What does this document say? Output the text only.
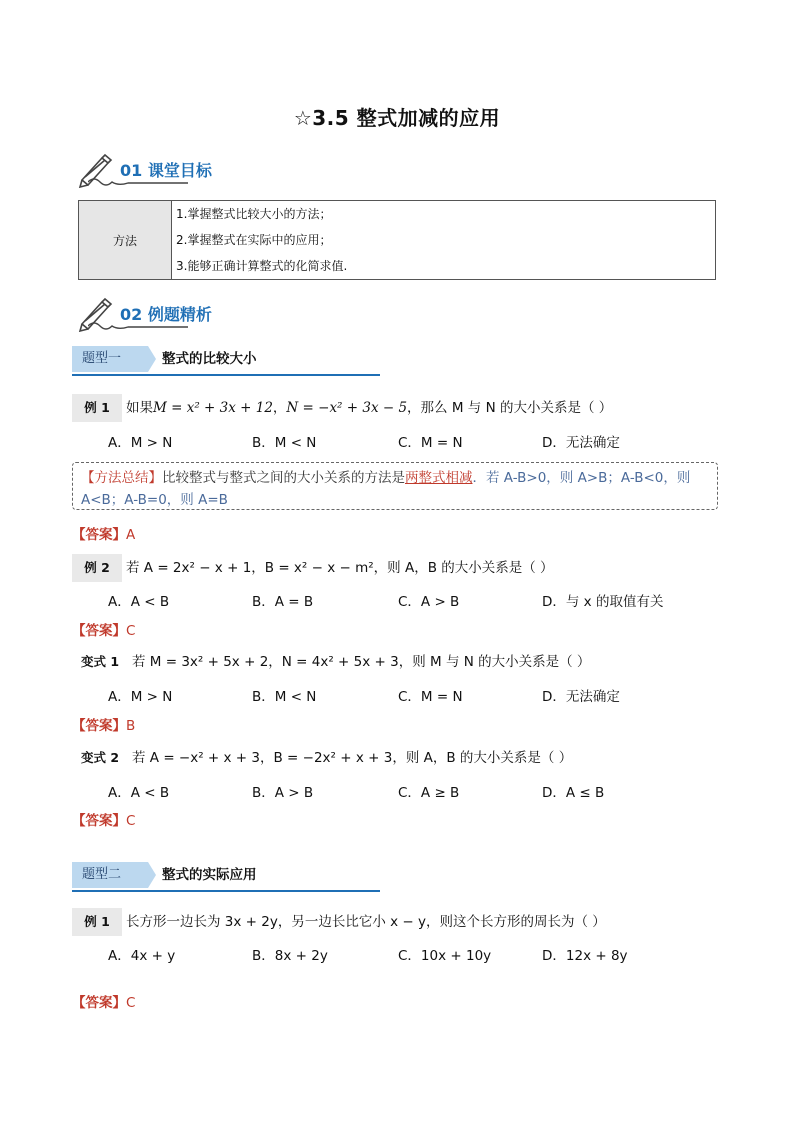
☆3.5 整式加减的应用
01 课堂目标
方法	
1.掌握整式比较大小的方法；
2.掌握整式在实际中的应用；
3.能够正确计算整式的化简求值.
02 例题精析
题型一	整式的比较大小
例 1 如果M = x² + 3x + 12，N = −x² + 3x − 5，那么 M 与 N 的大小关系是（ ）
A．M > N	B．M < N	C．M = N	D．无法确定
【方法总结】比较整式与整式之间的大小关系的方法是两整式相减．若 A-B>0，则 A>B；A-B<0，则 A<B；A-B=0，则 A=B
【答案】A
例 2 若 A = 2x² − x + 1，B = x² − x − m²，则 A，B 的大小关系是（ ）
A．A < B	B．A = B	C．A > B	D．与 x 的取值有关
【答案】C
变式 1 若 M = 3x² + 5x + 2，N = 4x² + 5x + 3，则 M 与 N 的大小关系是（ ）
A．M > N	B．M < N	C．M = N	D．无法确定
【答案】B
变式 2 若 A = −x² + x + 3，B = −2x² + x + 3，则 A，B 的大小关系是（ ）
A．A < B	B．A > B	C．A ≥ B	D．A ≤ B
【答案】C
题型二	整式的实际应用
例 1 长方形一边长为 3x + 2y，另一边长比它小 x − y，则这个长方形的周长为（ ）
A．4x + y	B．8x + 2y	C．10x + 10y	D．12x + 8y
【答案】C
